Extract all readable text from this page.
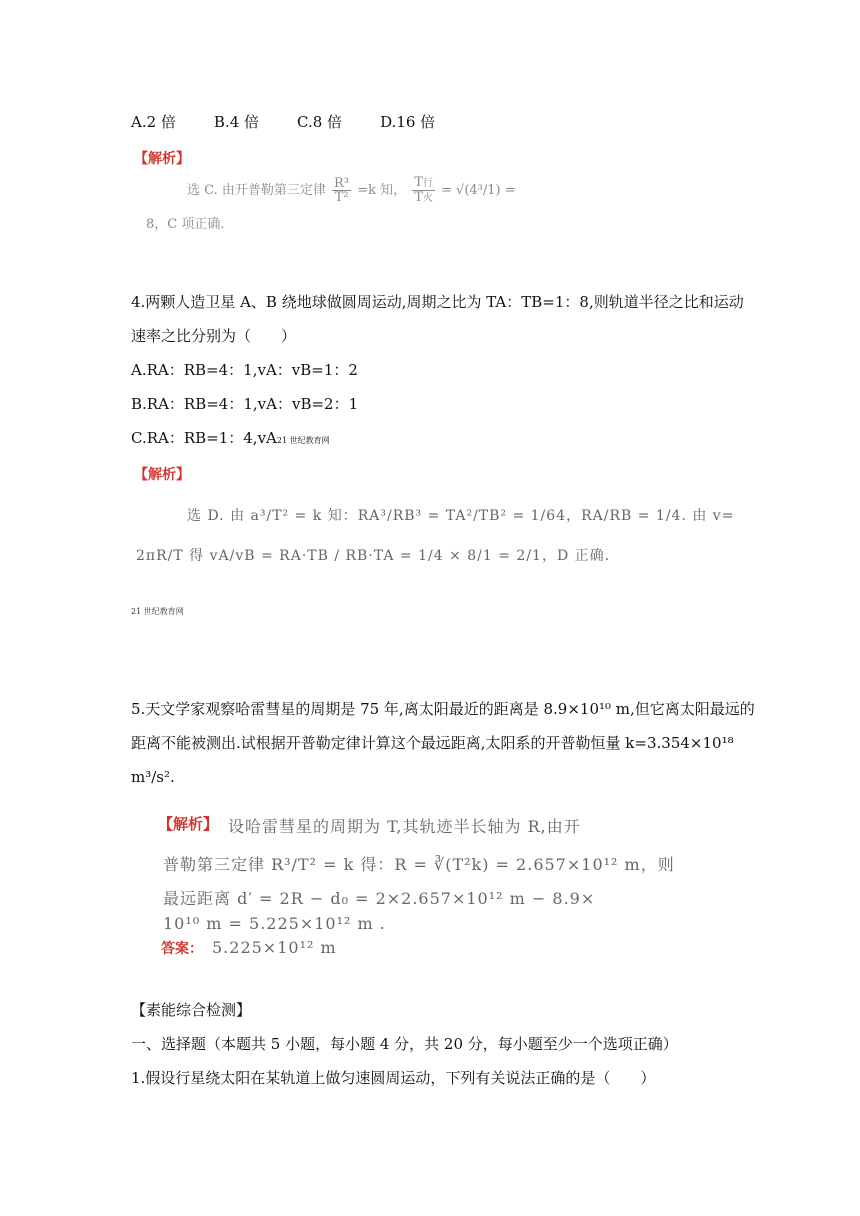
A.2 倍	B.4 倍	C.8 倍	D.16 倍
【解析】
选 C. 由开普勒第三定律 $\frac{\text{R³}}{\text{T²}} =k$ 知， $\frac{\text{T行}}{\text{T火}} = √(4^3/1)$ =
8，C 项正确.
4.两颗人造卫星 A、B 绕地球做圆周运动,周期之比为 TA：TB=1：8,则轨道半径之比和运动
速率之比分别为（　　）
A.RA：RB=4：1,vA：vB=1：2
B.RA：RB=4：1,vA：vB=2：1
C.RA：RB=1：4,vA21 世纪教育网
【解析】
选 D. 由 a³/T² = k 知：RA³/RB³ = TA²/TB² = 1/64，RA/RB = 1/4. 由 v=
2πR/T 得 vA/vB = RA·TB / RB·TA = 1/4 × 8/1 = 2/1，D 正确.
21 世纪教育网
5.天文学家观察哈雷彗星的周期是 75 年,离太阳最近的距离是 8.9×10¹⁰ m,但它离太阳最远的
距离不能被测出.试根据开普勒定律计算这个最远距离,太阳系的开普勒恒量 k=3.354×10¹⁸
m³/s².
【解析】 设哈雷彗星的周期为 T,其轨迹半长轴为 R,由开
普勒第三定律 R³/T² = k 得：R = ∛(T²k) = 2.657×10¹² m，则
最远距离 d′ = 2R − d₀ = 2×2.657×10¹² m − 8.9×
10¹⁰ m = 5.225×10¹² m .
答案： 5.225×10¹² m
【素能综合检测】
一、选择题（本题共 5 小题，每小题 4 分，共 20 分，每小题至少一个选项正确）
1.假设行星绕太阳在某轨道上做匀速圆周运动，下列有关说法正确的是（　　）
